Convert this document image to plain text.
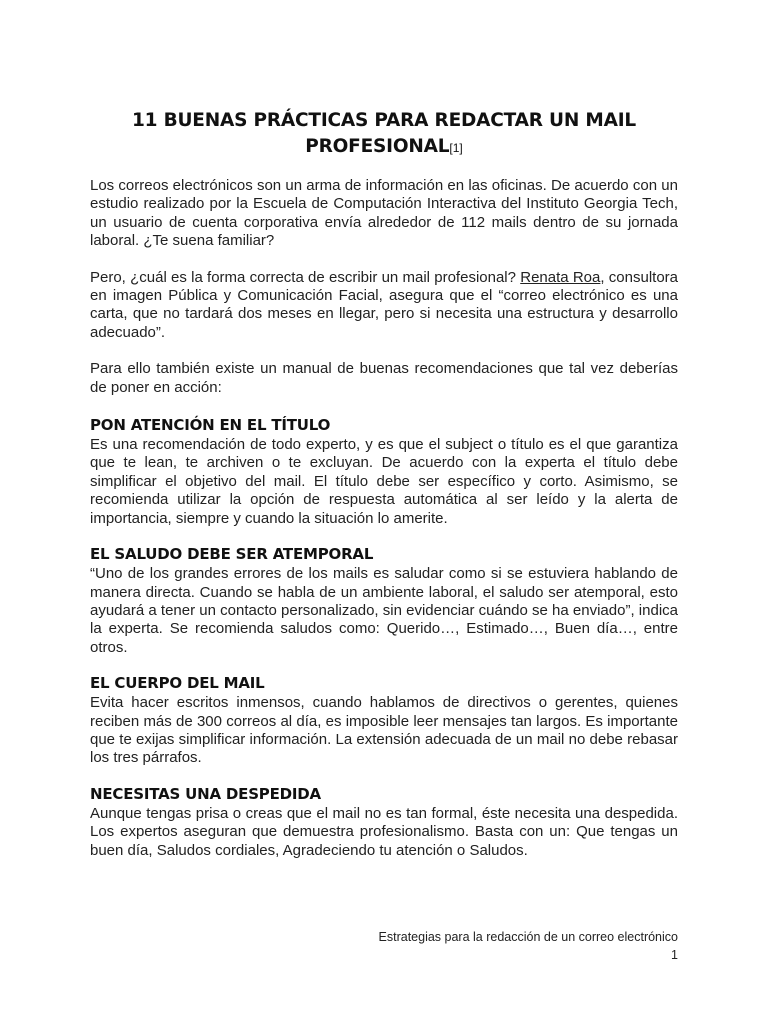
11 BUENAS PRÁCTICAS PARA REDACTAR UN MAIL
PROFESIONAL[1]

Los correos electrónicos son un arma de información en las oficinas. De acuerdo con un estudio realizado por la Escuela de Computación Interactiva del Instituto Georgia Tech, un usuario de cuenta corporativa envía alrededor de 112 mails dentro de su jornada laboral. ¿Te suena familiar?

Pero, ¿cuál es la forma correcta de escribir un mail profesional? Renata Roa, consultora en imagen Pública y Comunicación Facial, asegura que el “correo electrónico es una carta, que no tardará dos meses en llegar, pero si necesita una estructura y desarrollo adecuado”.

Para ello también existe un manual de buenas recomendaciones que tal vez deberías de poner en acción:

PON ATENCIÓN EN EL TÍTULO

Es una recomendación de todo experto, y es que el subject o título es el que garantiza que te lean, te archiven o te excluyan. De acuerdo con la experta el título debe simplificar el objetivo del mail. El título debe ser específico y corto. Asimismo, se recomienda utilizar la opción de respuesta automática al ser leído y la alerta de importancia, siempre y cuando la situación lo amerite.

EL SALUDO DEBE SER ATEMPORAL

“Uno de los grandes errores de los mails es saludar como si se estuviera hablando de manera directa. Cuando se habla de un ambiente laboral, el saludo ser atemporal, esto ayudará a tener un contacto personalizado, sin evidenciar cuándo se ha enviado”, indica la experta. Se recomienda saludos como: Querido…, Estimado…, Buen día…, entre otros.

EL CUERPO DEL MAIL

Evita hacer escritos inmensos, cuando hablamos de directivos o gerentes, quienes reciben más de 300 correos al día, es imposible leer mensajes tan largos. Es importante que te exijas simplificar información. La extensión adecuada de un mail no debe rebasar los tres párrafos.

NECESITAS UNA DESPEDIDA

Aunque tengas prisa o creas que el mail no es tan formal, éste necesita una despedida. Los expertos aseguran que demuestra profesionalismo. Basta con un: Que tengas un buen día, Saludos cordiales, Agradeciendo tu atención o Saludos.

Estrategias para la redacción de un correo electrónico
1
